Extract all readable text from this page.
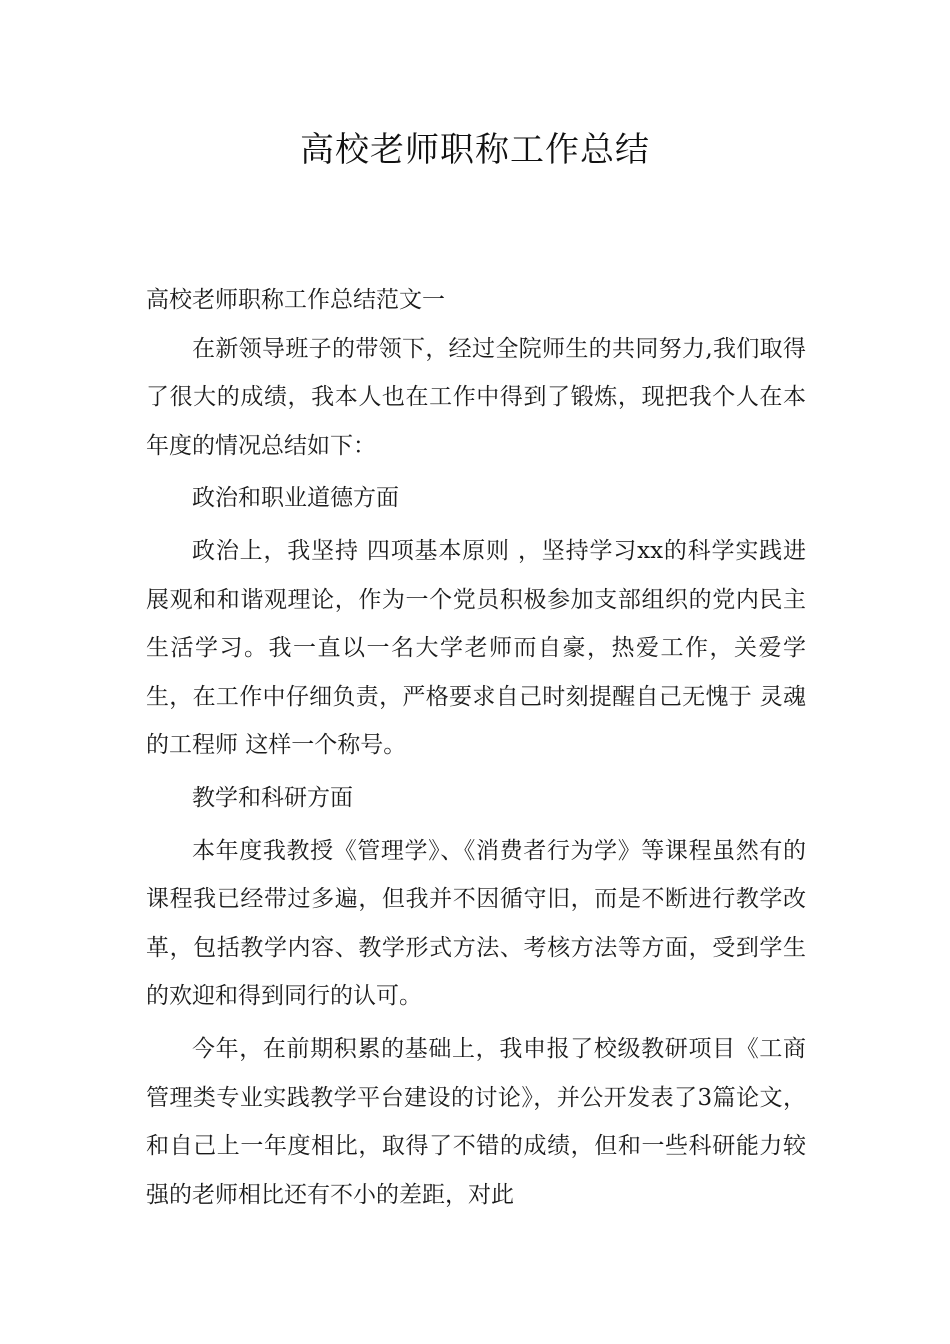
高校老师职称工作总结

高校老师职称工作总结范文一

在新领导班子的带领下，经过全院师生的共同努力,我们取得了很大的成绩，我本人也在工作中得到了锻炼，现把我个人在本年度的情况总结如下：

政治和职业道德方面

政治上，我坚持 四项基本原则 ，坚持学习xx的科学实践进展观和和谐观理论，作为一个党员积极参加支部组织的党内民主生活学习。我一直以一名大学老师而自豪，热爱工作，关爱学生，在工作中仔细负责，严格要求自己时刻提醒自己无愧于 灵魂的工程师 这样一个称号。

教学和科研方面

本年度我教授《管理学》、《消费者行为学》等课程虽然有的课程我已经带过多遍，但我并不因循守旧，而是不断进行教学改革，包括教学内容、教学形式方法、考核方法等方面，受到学生的欢迎和得到同行的认可。

今年，在前期积累的基础上，我申报了校级教研项目《工商管理类专业实践教学平台建设的讨论》，并公开发表了3篇论文，和自己上一年度相比，取得了不错的成绩，但和一些科研能力较强的老师相比还有不小的差距，对此
